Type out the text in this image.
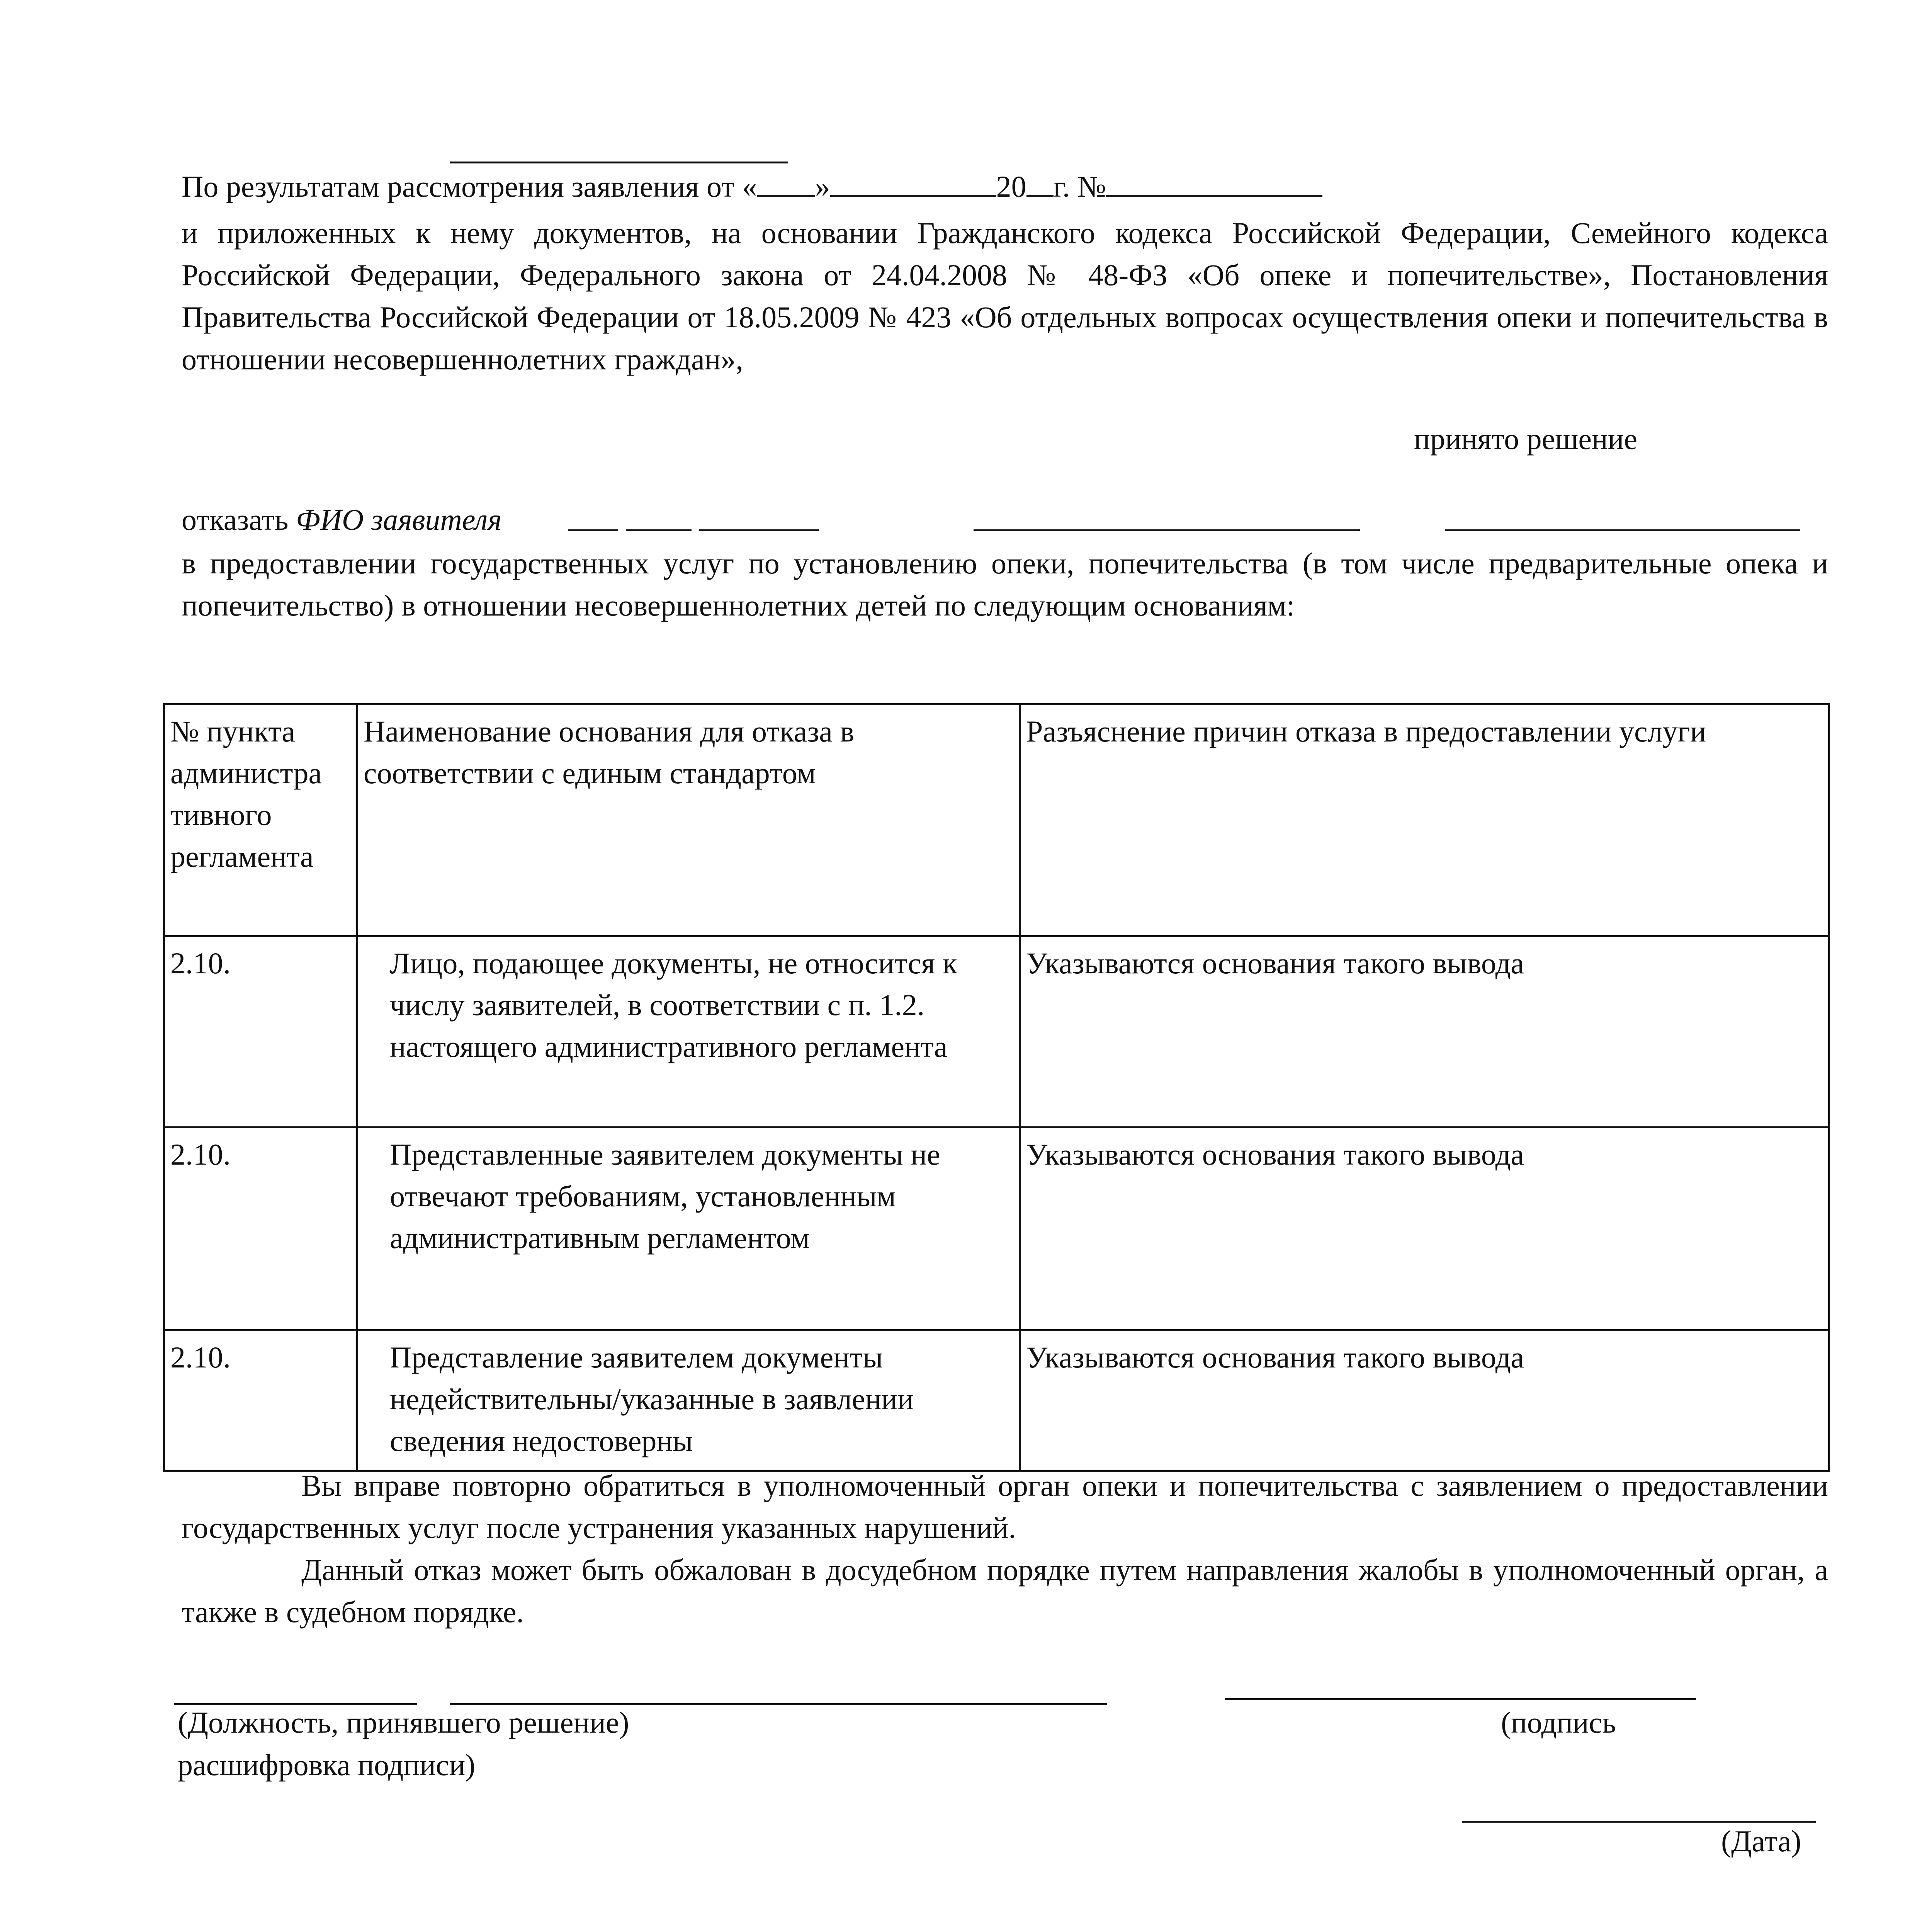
По результатам рассмотрения заявления от « »	20 г. №
и приложенных к нему документов, на основании Гражданского кодекса Российской Федерации, Семейного кодекса Российской Федерации, Федерального закона от 24.04.2008 № 48-ФЗ «Об опеке и попечительстве», Постановления Правительства Российской Федерации от 18.05.2009 № 423 «Об отдельных вопросах осуществления опеки и попечительства в отношении несовершеннолетних граждан»,
принято решение
отказать ФИО заявителя
в предоставлении государственных услуг по установлению опеки, попечительства (в том числе предварительные опека и попечительство) в отношении несовершеннолетних детей по следующим основаниям:
№ пункта администра тивного регламента	Наименование основания для отказа в соответствии с единым стандартом	Разъяснение причин отказа в предоставлении услуги
2.10.	Лицо, подающее документы, не относится к числу заявителей, в соответствии с п. 1.2. настоящего административного регламента	Указываются основания такого вывода
2.10.	Представленные заявителем документы не отвечают требованиям, установленным административным регламентом	Указываются основания такого вывода
2.10.	Представление заявителем документы недействительны/указанные в заявлении сведения недостоверны	Указываются основания такого вывода
Вы вправе повторно обратиться в уполномоченный орган опеки и попечительства с заявлением о предоставлении государственных услуг после устранения указанных нарушений.
Данный отказ может быть обжалован в досудебном порядке путем направления жалобы в уполномоченный орган, а также в судебном порядке.
(Должность, принявшего решение)
расшифровка подписи)
(подпись
(Дата)
